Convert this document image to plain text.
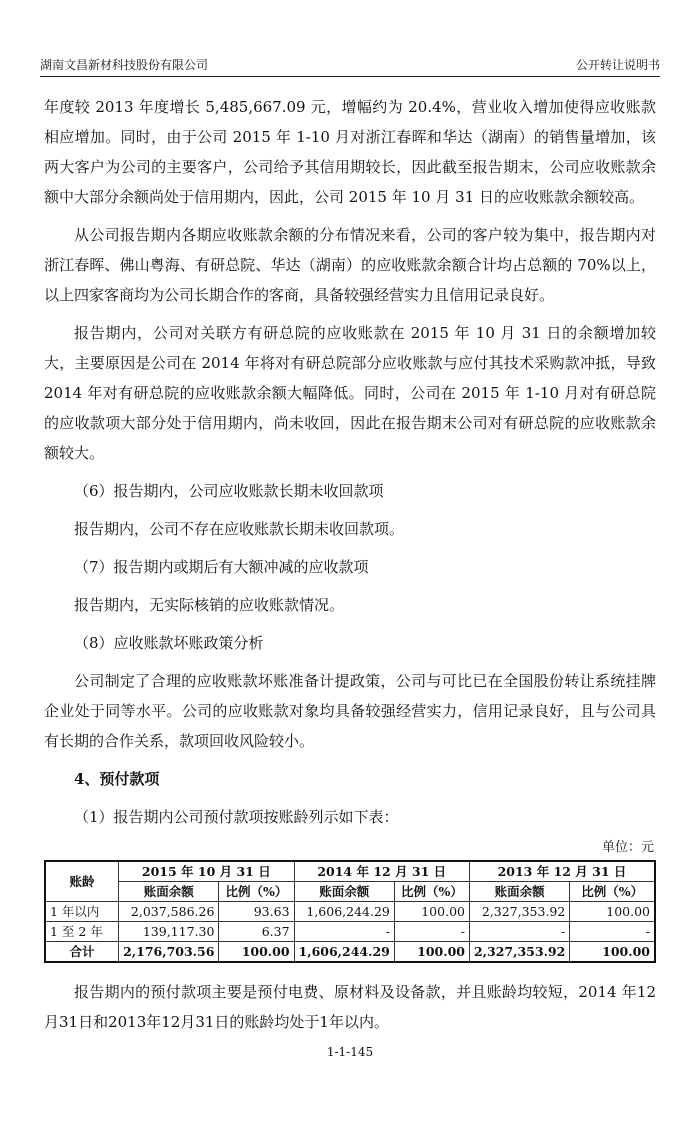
湖南文昌新材科技股份有限公司	公开转让说明书

年度较 2013 年度增长 5,485,667.09 元，增幅约为 20.4%，营业收入增加使得应收账款相应增加。同时，由于公司 2015 年 1-10 月对浙江春晖和华达（湖南）的销售量增加，该两大客户为公司的主要客户，公司给予其信用期较长，因此截至报告期末，公司应收账款余额中大部分余额尚处于信用期内，因此，公司 2015 年 10 月 31 日的应收账款余额较高。

从公司报告期内各期应收账款余额的分布情况来看，公司的客户较为集中，报告期内对浙江春晖、佛山粤海、有研总院、华达（湖南）的应收账款余额合计均占总额的 70%以上，以上四家客商均为公司长期合作的客商，具备较强经营实力且信用记录良好。

报告期内，公司对关联方有研总院的应收账款在 2015 年 10 月 31 日的余额增加较大，主要原因是公司在 2014 年将对有研总院部分应收账款与应付其技术采购款冲抵，导致 2014 年对有研总院的应收账款余额大幅降低。同时，公司在 2015 年 1-10 月对有研总院的应收款项大部分处于信用期内，尚未收回，因此在报告期末公司对有研总院的应收账款余额较大。

（6）报告期内，公司应收账款长期未收回款项

报告期内，公司不存在应收账款长期未收回款项。

（7）报告期内或期后有大额冲减的应收款项

报告期内，无实际核销的应收账款情况。

（8）应收账款坏账政策分析

公司制定了合理的应收账款坏账准备计提政策，公司与可比已在全国股份转让系统挂牌企业处于同等水平。公司的应收账款对象均具备较强经营实力，信用记录良好，且与公司具有长期的合作关系，款项回收风险较小。

4、预付款项

（1）报告期内公司预付款项按账龄列示如下表：

单位：元
账龄	2015 年 10 月 31 日		2014 年 12 月 31 日		2013 年 12 月 31 日	
	账面余额	比例（%）	账面余额	比例（%）	账面余额	比例（%）
1 年以内	2,037,586.26	93.63	1,606,244.29	100.00	2,327,353.92	100.00
1 至 2 年	139,117.30	6.37	-	-	-	-
合计	2,176,703.56	100.00	1,606,244.29	100.00	2,327,353.92	100.00

报告期内的预付款项主要是预付电费、原材料及设备款，并且账龄均较短，2014 年12月31日和2013年12月31日的账龄均处于1年以内。

1-1-145
